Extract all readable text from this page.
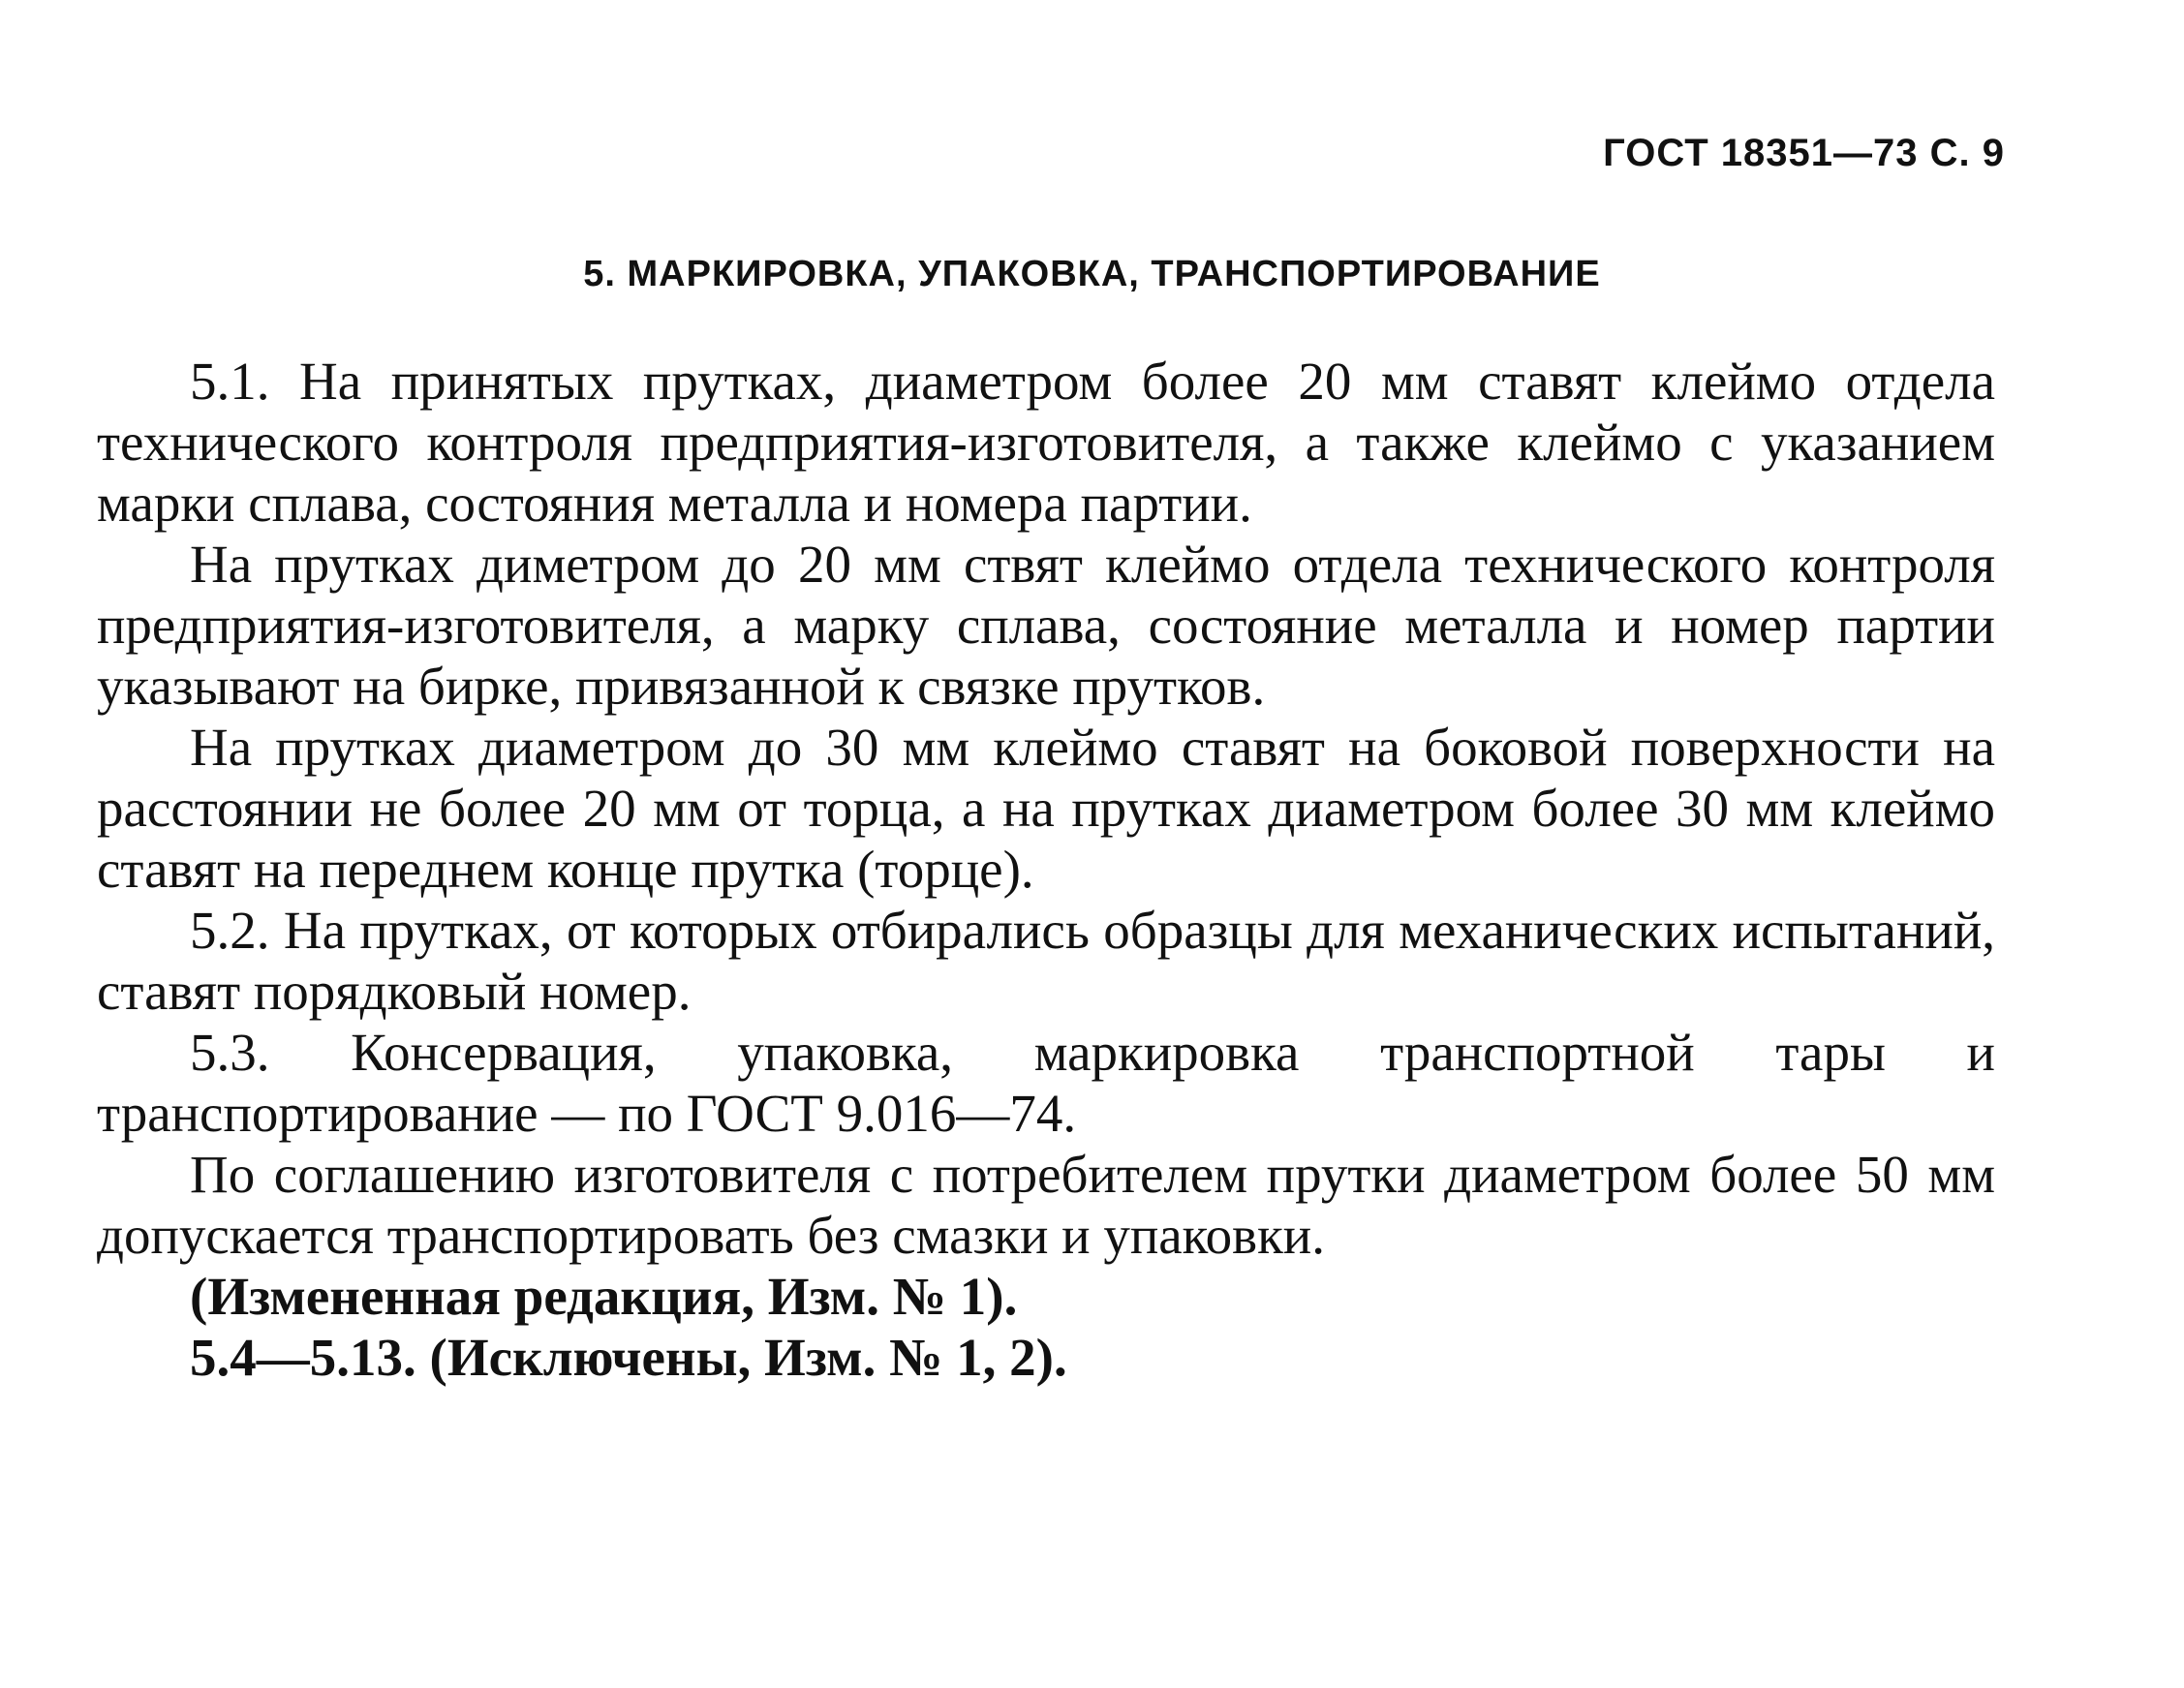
ГОСТ 18351—73 С. 9
5. МАРКИРОВКА, УПАКОВКА, ТРАНСПОРТИРОВАНИЕ

5.1. На принятых прутках, диаметром более 20 мм ставят клеймо отдела технического контроля предприятия-изготовителя, а также клеймо с указанием марки сплава, состояния металла и номера партии.

На прутках диметром до 20 мм ствят клеймо отдела технического контроля предприятия-изготовителя, а марку сплава, состояние металла и номер партии указывают на бирке, привязанной к связке прутков.

На прутках диаметром до 30 мм клеймо ставят на боковой поверхности на расстоянии не более 20 мм от торца, а на прутках диаметром более 30 мм клеймо ставят на переднем конце прутка (торце).

5.2. На прутках, от которых отбирались образцы для механических испытаний, ставят порядковый номер.

5.3. Консервация, упаковка, маркировка транспортной тары и транспортирование — по ГОСТ 9.016—74.

По соглашению изготовителя с потребителем прутки диаметром более 50 мм допускается транспортировать без смазки и упаковки.

(Измененная редакция, Изм. № 1).

5.4—5.13. (Исключены, Изм. № 1, 2).
